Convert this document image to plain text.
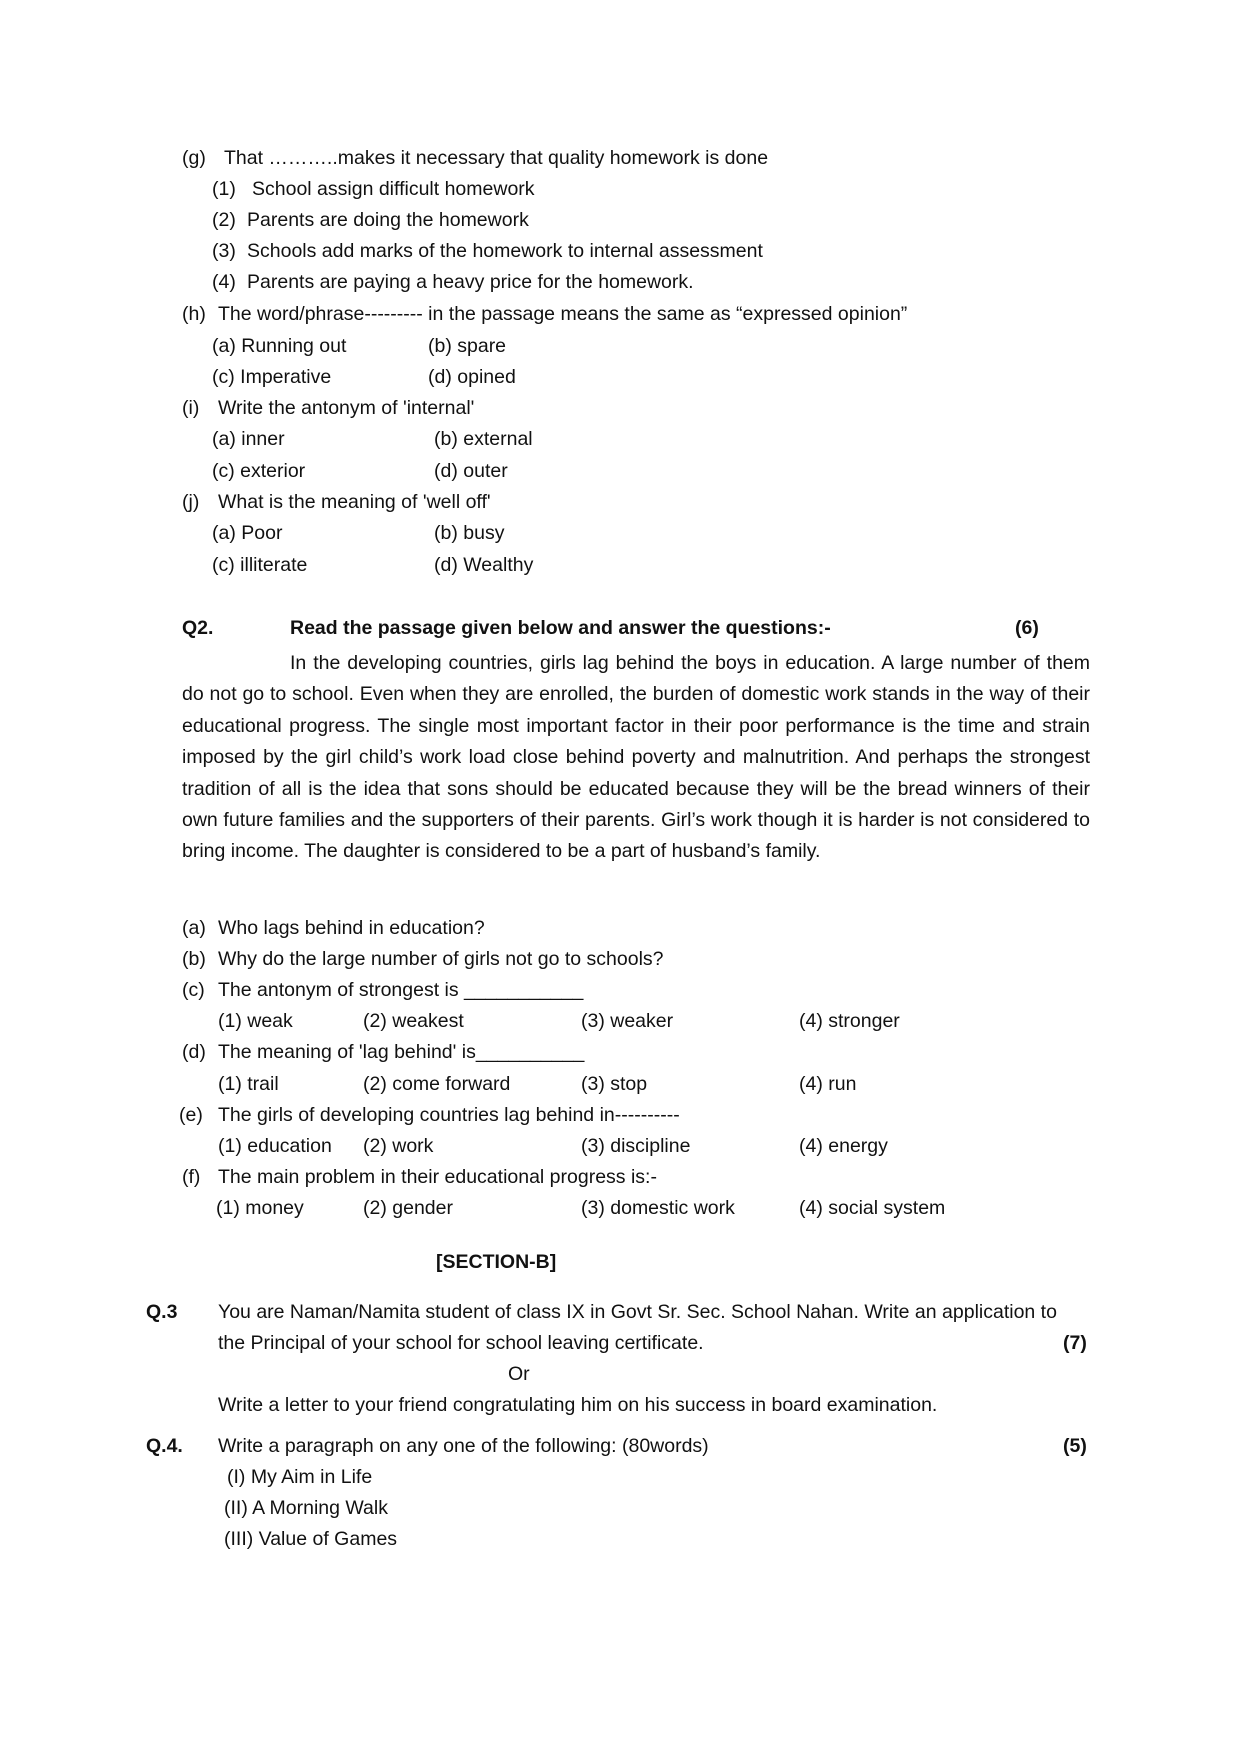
(g) That ………..makes it necessary that quality homework is done
(1) School assign difficult homework
(2) Parents are doing the homework
(3) Schools add marks of the homework to internal assessment
(4) Parents are paying a heavy price for the homework.
(h) The word/phrase--------- in the passage means the same as “expressed opinion”
(a) Running out	(b) spare
(c) Imperative	(d) opined
(i) Write the antonym of 'internal'
(a) inner	(b) external
(c) exterior	(d) outer
(j) What is the meaning of 'well off'
(a) Poor	(b) busy
(c) illiterate	(d) Wealthy
Q2.	Read the passage given below and answer the questions:-	(6)

In the developing countries, girls lag behind the boys in education. A large number of them do not go to school. Even when they are enrolled, the burden of domestic work stands in the way of their educational progress. The single most important factor in their poor performance is the time and strain imposed by the girl child’s work load close behind poverty and malnutrition. And perhaps the strongest tradition of all is the idea that sons should be educated because they will be the bread winners of their own future families and the supporters of their parents. Girl’s work though it is harder is not considered to bring income. The daughter is considered to be a part of husband’s family.

(a) Who lags behind in education?
(b) Why do the large number of girls not go to schools?
(c) The antonym of strongest is ___________
(1) weak	(2) weakest	(3) weaker	(4) stronger
(d) The meaning of 'lag behind' is__________
(1) trail	(2) come forward	(3) stop	(4) run
(e) The girls of developing countries lag behind in----------
(1) education (2) work	(3) discipline	(4) energy
(f) The main problem in their educational progress is:-
(1) money	(2) gender	(3) domestic work	(4) social system
[SECTION-B]
Q.3 You are Naman/Namita student of class IX in Govt Sr. Sec. School Nahan. Write an application to
the Principal of your school for school leaving certificate.	(7)
Or
Write a letter to your friend congratulating him on his success in board examination.
Q.4. Write a paragraph on any one of the following: (80words)	(5)
(I) My Aim in Life
(II) A Morning Walk
(III) Value of Games
